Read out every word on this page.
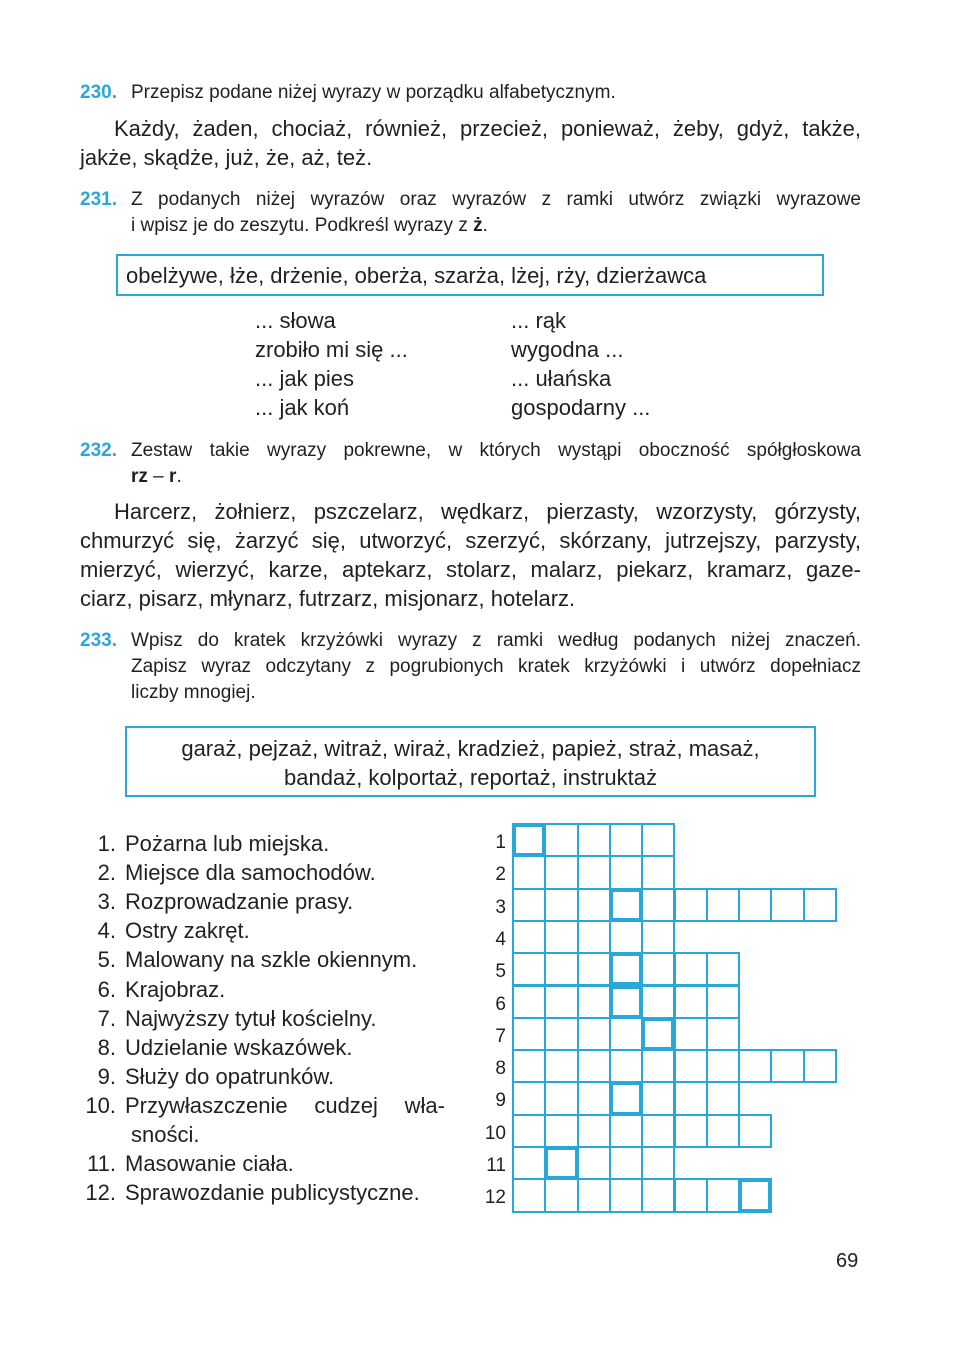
230. Przepisz podane niżej wyrazy w porządku alfabetycznym.
Każdy, żaden, chociaż, również, przecież, ponieważ, żeby, gdyż, także,
jakże, skądże, już, że, aż, też.
231. Z podanych niżej wyrazów oraz wyrazów z ramki utwórz związki wyrazowe
i wpisz je do zeszytu. Podkreśl wyrazy z ż.
obelżywe, łże, drżenie, oberża, szarża, lżej, rży, dzierżawca
... słowa
zrobiło mi się ...
... jak pies
... jak koń
... rąk
wygodna ...
... ułańska
gospodarny ...
232. Zestaw takie wyrazy pokrewne, w których wystąpi oboczność spółgłoskowa
rz – r.
Harcerz, żołnierz, pszczelarz, wędkarz, pierzasty, wzorzysty, górzysty,
chmurzyć się, żarzyć się, utworzyć, szerzyć, skórzany, jutrzejszy, parzysty,
mierzyć, wierzyć, karze, aptekarz, stolarz, malarz, piekarz, kramarz, gaze-
ciarz, pisarz, młynarz, futrzarz, misjonarz, hotelarz.
233. Wpisz do kratek krzyżówki wyrazy z ramki według podanych niżej znaczeń.
Zapisz wyraz odczytany z pogrubionych kratek krzyżówki i utwórz dopełniacz
liczby mnogiej.
garaż, pejzaż, witraż, wiraż, kradzież, papież, straż, masaż,
bandaż, kolportaż, reportaż, instruktaż
1. Pożarna lub miejska.
2. Miejsce dla samochodów.
3. Rozprowadzanie prasy.
4. Ostry zakręt.
5. Malowany na szkle okiennym.
6. Krajobraz.
7. Najwyższy tytuł kościelny.
8. Udzielanie wskazówek.
9. Służy do opatrunków.
10. Przywłaszczenie cudzej wła-
sności.
11. Masowanie ciała.
12. Sprawozdanie publicystyczne.
1
2
3
4
5
6
7
8
9
10
11
12
69
